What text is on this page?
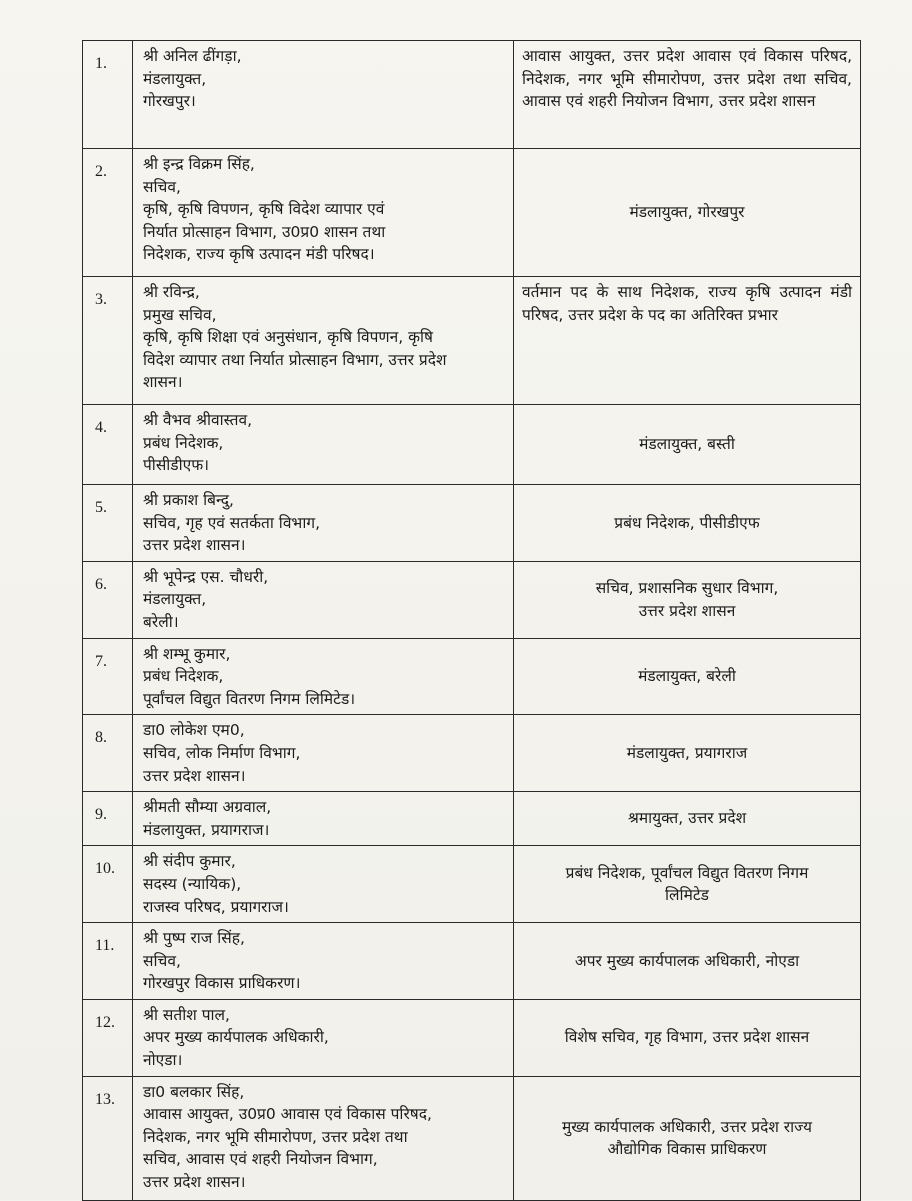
1.	श्री अनिल ढींगड़ा,
मंडलायुक्त,
गोरखपुर।	आवास आयुक्त, उत्तर प्रदेश आवास एवं विकास परिषद, निदेशक, नगर भूमि सीमारोपण, उत्तर प्रदेश तथा सचिव, आवास एवं शहरी नियोजन विभाग, उत्तर प्रदेश शासन
2.	श्री इन्द्र विक्रम सिंह,
सचिव,
कृषि, कृषि विपणन, कृषि विदेश व्यापार एवं
निर्यात प्रोत्साहन विभाग, उ0प्र0 शासन तथा
निदेशक, राज्य कृषि उत्पादन मंडी परिषद।	मंडलायुक्त, गोरखपुर
3.	श्री रविन्द्र,
प्रमुख सचिव,
कृषि, कृषि शिक्षा एवं अनुसंधान, कृषि विपणन, कृषि
विदेश व्यापार तथा निर्यात प्रोत्साहन विभाग, उत्तर प्रदेश
शासन।	वर्तमान पद के साथ निदेशक, राज्य कृषि उत्पादन मंडी परिषद, उत्तर प्रदेश के पद का अतिरिक्त प्रभार
4.	श्री वैभव श्रीवास्तव,
प्रबंध निदेशक,
पीसीडीएफ।	मंडलायुक्त, बस्ती
5.	श्री प्रकाश बिन्दु,
सचिव, गृह एवं सतर्कता विभाग,
उत्तर प्रदेश शासन।	प्रबंध निदेशक, पीसीडीएफ
6.	श्री भूपेन्द्र एस. चौधरी,
मंडलायुक्त,
बरेली।	सचिव, प्रशासनिक सुधार विभाग,
उत्तर प्रदेश शासन

7.	श्री शम्भू कुमार,
प्रबंध निदेशक,
पूर्वांचल विद्युत वितरण निगम लिमिटेड।	मंडलायुक्त, बरेली
8.	डा0 लोकेश एम0,
सचिव, लोक निर्माण विभाग,
उत्तर प्रदेश शासन।	मंडलायुक्त, प्रयागराज
9.	श्रीमती सौम्या अग्रवाल,
मंडलायुक्त, प्रयागराज।	श्रमायुक्त, उत्तर प्रदेश
10.	श्री संदीप कुमार,
सदस्य (न्यायिक),
राजस्व परिषद, प्रयागराज।	प्रबंध निदेशक, पूर्वांचल विद्युत वितरण निगम
लिमिटेड

11.	श्री पुष्प राज सिंह,
सचिव,
गोरखपुर विकास प्राधिकरण।	अपर मुख्य कार्यपालक अधिकारी, नोएडा
12.	श्री सतीश पाल,
अपर मुख्य कार्यपालक अधिकारी,
नोएडा।	विशेष सचिव, गृह विभाग, उत्तर प्रदेश शासन
13.	डा0 बलकार सिंह,
आवास आयुक्त, उ0प्र0 आवास एवं विकास परिषद,
निदेशक, नगर भूमि सीमारोपण, उत्तर प्रदेश तथा
सचिव, आवास एवं शहरी नियोजन विभाग,
उत्तर प्रदेश शासन।	मुख्य कार्यपालक अधिकारी, उत्तर प्रदेश राज्य
औद्योगिक विकास प्राधिकरण
